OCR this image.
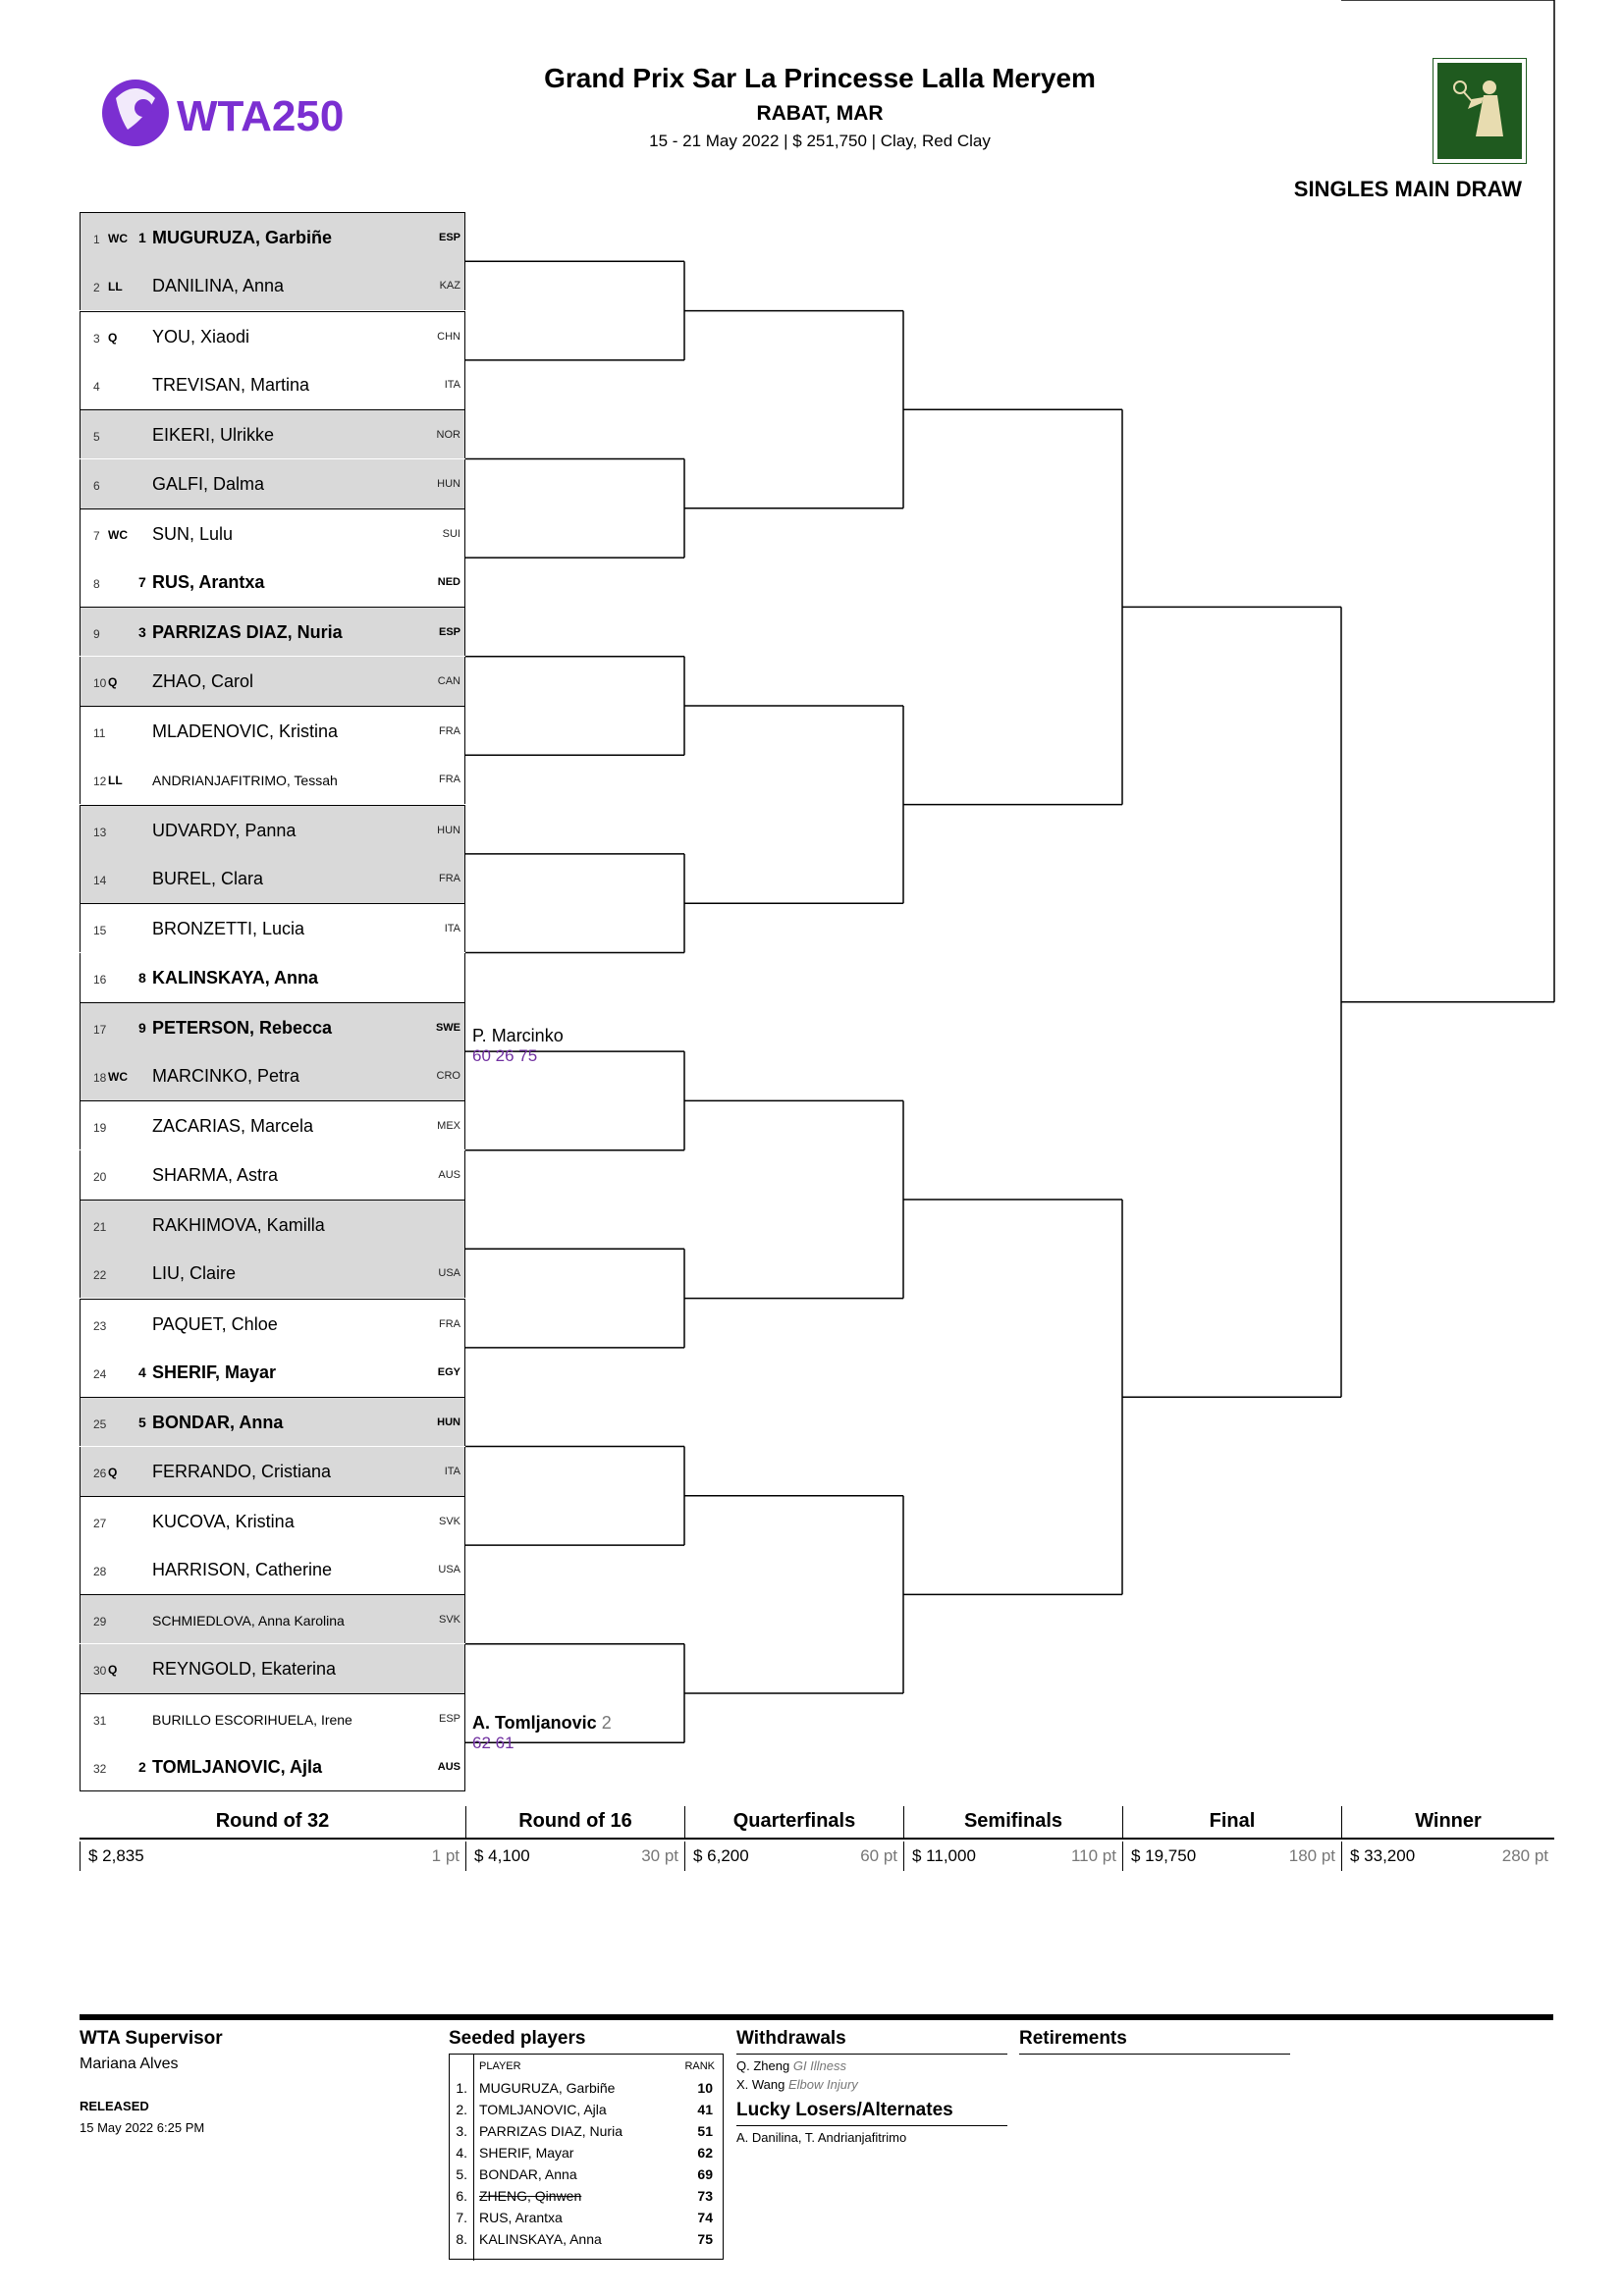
WTA250
Grand Prix Sar La Princesse Lalla Meryem
RABAT, MAR
15 - 21 May 2022 | $ 251,750 | Clay, Red Clay
SINGLES MAIN DRAW
1 WC 1 MUGURUZA, Garbiñe	ESP
2 LL DANILINA, Anna	KAZ
3 Q YOU, Xiaodi	CHN
4	TREVISAN, Martina	ITA
5	EIKERI, Ulrikke	NOR
6	GALFI, Dalma	HUN
7 WC SUN, Lulu	SUI
8	7 RUS, Arantxa	NED
9	3 PARRIZAS DIAZ, Nuria	ESP
10 Q ZHAO, Carol	CAN
11	MLADENOVIC, Kristina	FRA
12 LL ANDRIANJAFITRIMO, Tessah	FRA
13	UDVARDY, Panna	HUN
14	BUREL, Clara	FRA
15	BRONZETTI, Lucia	ITA
16 8 KALINSKAYA, Anna
17 9 PETERSON, Rebecca	SWE
18 WC MARCINKO, Petra	CRO
19	ZACARIAS, Marcela	MEX
20	SHARMA, Astra	AUS
21	RAKHIMOVA, Kamilla
22	LIU, Claire	USA
23	PAQUET, Chloe	FRA
24 4 SHERIF, Mayar	EGY
25 5 BONDAR, Anna	HUN
26 Q FERRANDO, Cristiana	ITA
27	KUCOVA, Kristina	SVK
28	HARRISON, Catherine	USA
29	SCHMIEDLOVA, Anna Karolina	SVK
30 Q REYNGOLD, Ekaterina
31	BURILLO ESCORIHUELA, Irene	ESP
32 2 TOMLJANOVIC, Ajla	AUS
P. Marcinko
60 26 75
A. Tomljanovic 2
62 61
Round of 32
$ 2,835	1 pt
Round of 16
$ 4,100	30 pt
Quarterfinals
$ 6,200	60 pt
Semifinals
$ 11,000	110 pt
Final
$ 19,750	180 pt
Winner
$ 33,200	280 pt
WTA Supervisor
Mariana Alves
RELEASED
15 May 2022 6:25 PM
Seeded players
PLAYER	RANK
1. MUGURUZA, Garbiñe	10
2. TOMLJANOVIC, Ajla	41
3. PARRIZAS DIAZ, Nuria	51
4. SHERIF, Mayar	62
5. BONDAR, Anna	69
6. ZHENG, Qinwen	73
7. RUS, Arantxa	74
8. KALINSKAYA, Anna	75
Withdrawals
Q. Zheng GI Illness
X. Wang Elbow Injury
Lucky Losers/Alternates
A. Danilina, T. Andrianjafitrimo
Retirements
